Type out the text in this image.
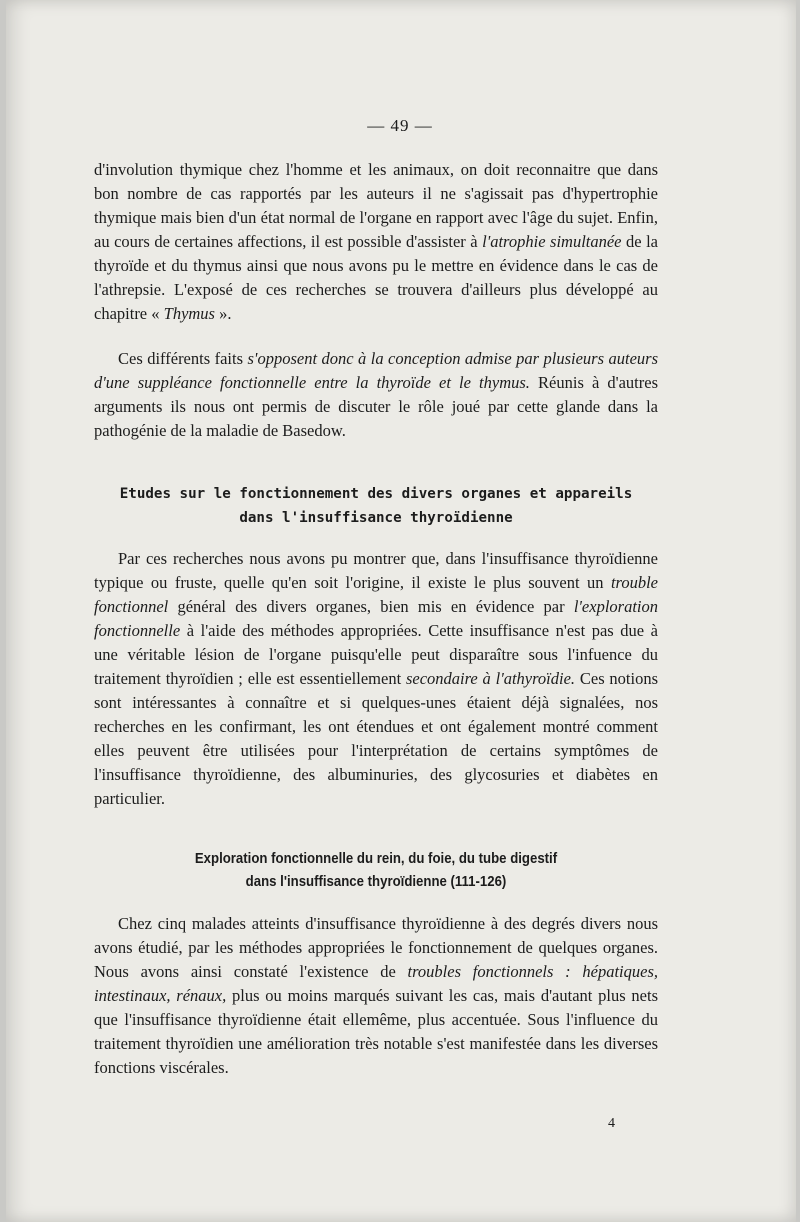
— 49 —

d'involution thymique chez l'homme et les animaux, on doit reconnaitre que dans bon nombre de cas rapportés par les auteurs il ne s'agissait pas d'hypertrophie thymique mais bien d'un état normal de l'organe en rapport avec l'âge du sujet. Enfin, au cours de certaines affections, il est possible d'assister à l'atrophie simultanée de la thyroïde et du thymus ainsi que nous avons pu le mettre en évidence dans le cas de l'athrepsie. L'exposé de ces recherches se trouvera d'ailleurs plus développé au chapitre « Thymus ».

Ces différents faits s'opposent donc à la conception admise par plusieurs auteurs d'une suppléance fonctionnelle entre la thyroïde et le thymus. Réunis à d'autres arguments ils nous ont permis de discuter le rôle joué par cette glande dans la pathogénie de la maladie de Basedow.

Etudes sur le fonctionnement des divers organes et appareils
dans l'insuffisance thyroïdienne

Par ces recherches nous avons pu montrer que, dans l'insuffisance thyroïdienne typique ou fruste, quelle qu'en soit l'origine, il existe le plus souvent un trouble fonctionnel général des divers organes, bien mis en évidence par l'exploration fonctionnelle à l'aide des méthodes appropriées. Cette insuffisance n'est pas due à une véritable lésion de l'organe puisqu'elle peut disparaître sous l'infuence du traitement thyroïdien ; elle est essentiellement secondaire à l'athyroïdie. Ces notions sont intéressantes à connaître et si quelques-unes étaient déjà signalées, nos recherches en les confirmant, les ont étendues et ont également montré comment elles peuvent être utilisées pour l'interprétation de certains symptômes de l'insuffisance thyroïdienne, des albuminuries, des glycosuries et diabètes en particulier.

Exploration fonctionnelle du rein, du foie, du tube digestif
dans l'insuffisance thyroïdienne (111-126)

Chez cinq malades atteints d'insuffisance thyroïdienne à des degrés divers nous avons étudié, par les méthodes appropriées le fonctionnement de quelques organes. Nous avons ainsi constaté l'existence de troubles fonctionnels : hépatiques, intestinaux, rénaux, plus ou moins marqués suivant les cas, mais d'autant plus nets que l'insuffisance thyroïdienne était ellemême, plus accentuée. Sous l'influence du traitement thyroïdien une amélioration très notable s'est manifestée dans les diverses fonctions viscérales.

4
